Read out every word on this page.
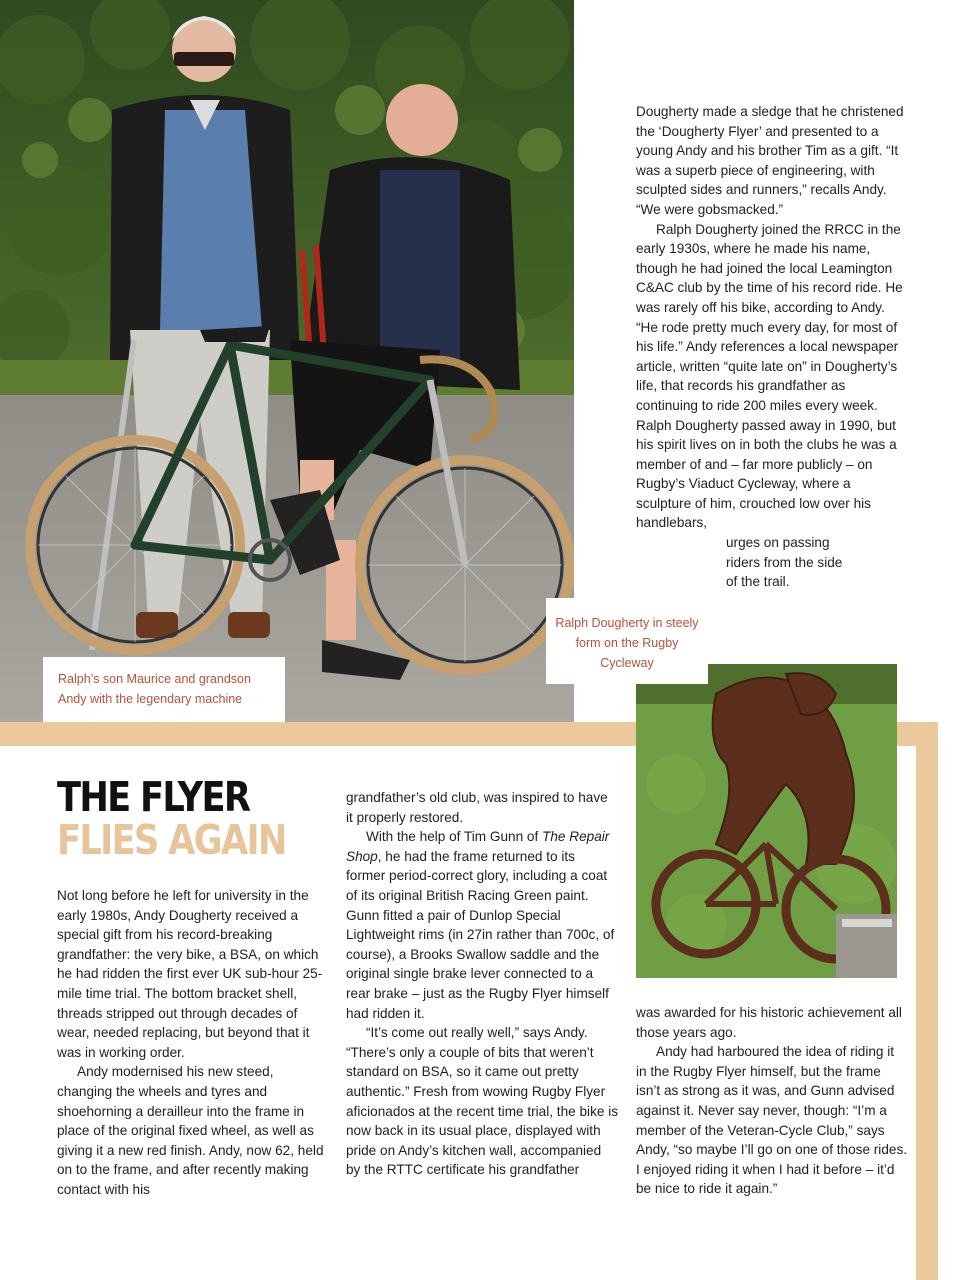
Ralph’s son Maurice and grandson Andy with the legendary machine
Ralph Dougherty in steely form on the Rugby Cycleway
THE FLYER
FLIES AGAIN

Not long before he left for university in the early 1980s, Andy Dougherty received a special gift from his record-breaking grandfather: the very bike, a BSA, on which he had ridden the first ever UK sub-hour 25-mile time trial. The bottom bracket shell, threads stripped out through decades of wear, needed replacing, but beyond that it was in working order.

Andy modernised his new steed, changing the wheels and tyres and shoehorning a derailleur into the frame in place of the original fixed wheel, as well as giving it a new red finish. Andy, now 62, held on to the frame, and after recently making contact with his

grandfather’s old club, was inspired to have it properly restored.

With the help of Tim Gunn of The Repair Shop, he had the frame returned to its former period-correct glory, including a coat of its original British Racing Green paint. Gunn fitted a pair of Dunlop Special Lightweight rims (in 27in rather than 700c, of course), a Brooks Swallow saddle and the original single brake lever connected to a rear brake – just as the Rugby Flyer himself had ridden it.

“It’s come out really well,” says Andy. “There’s only a couple of bits that weren’t standard on BSA, so it came out pretty authentic.” Fresh from wowing Rugby Flyer aficionados at the recent time trial, the bike is now back in its usual place, displayed with pride on Andy’s kitchen wall, accompanied by the RTTC certificate his grandfather

Dougherty made a sledge that he christened the ‘Dougherty Flyer’ and presented to a young Andy and his brother Tim as a gift. “It was a superb piece of engineering, with sculpted sides and runners,” recalls Andy. “We were gobsmacked.”

Ralph Dougherty joined the RRCC in the early 1930s, where he made his name, though he had joined the local Leamington C&AC club by the time of his record ride. He was rarely off his bike, according to Andy. “He rode pretty much every day, for most of his life.” Andy references a local newspaper article, written “quite late on” in Dougherty’s life, that records his grandfather as continuing to ride 200 miles every week. Ralph Dougherty passed away in 1990, but his spirit lives on in both the clubs he was a member of and – far more publicly – on Rugby’s Viaduct Cycleway, where a sculpture of him, crouched low over his handlebars,

urges on passing
riders from the side
of the trail.

was awarded for his historic achievement all those years ago.

Andy had harboured the idea of riding it in the Rugby Flyer himself, but the frame isn’t as strong as it was, and Gunn advised against it. Never say never, though: “I’m a member of the Veteran-Cycle Club,” says Andy, “so maybe I’ll go on one of those rides. I enjoyed riding it when I had it before – it’d be nice to ride it again.”
